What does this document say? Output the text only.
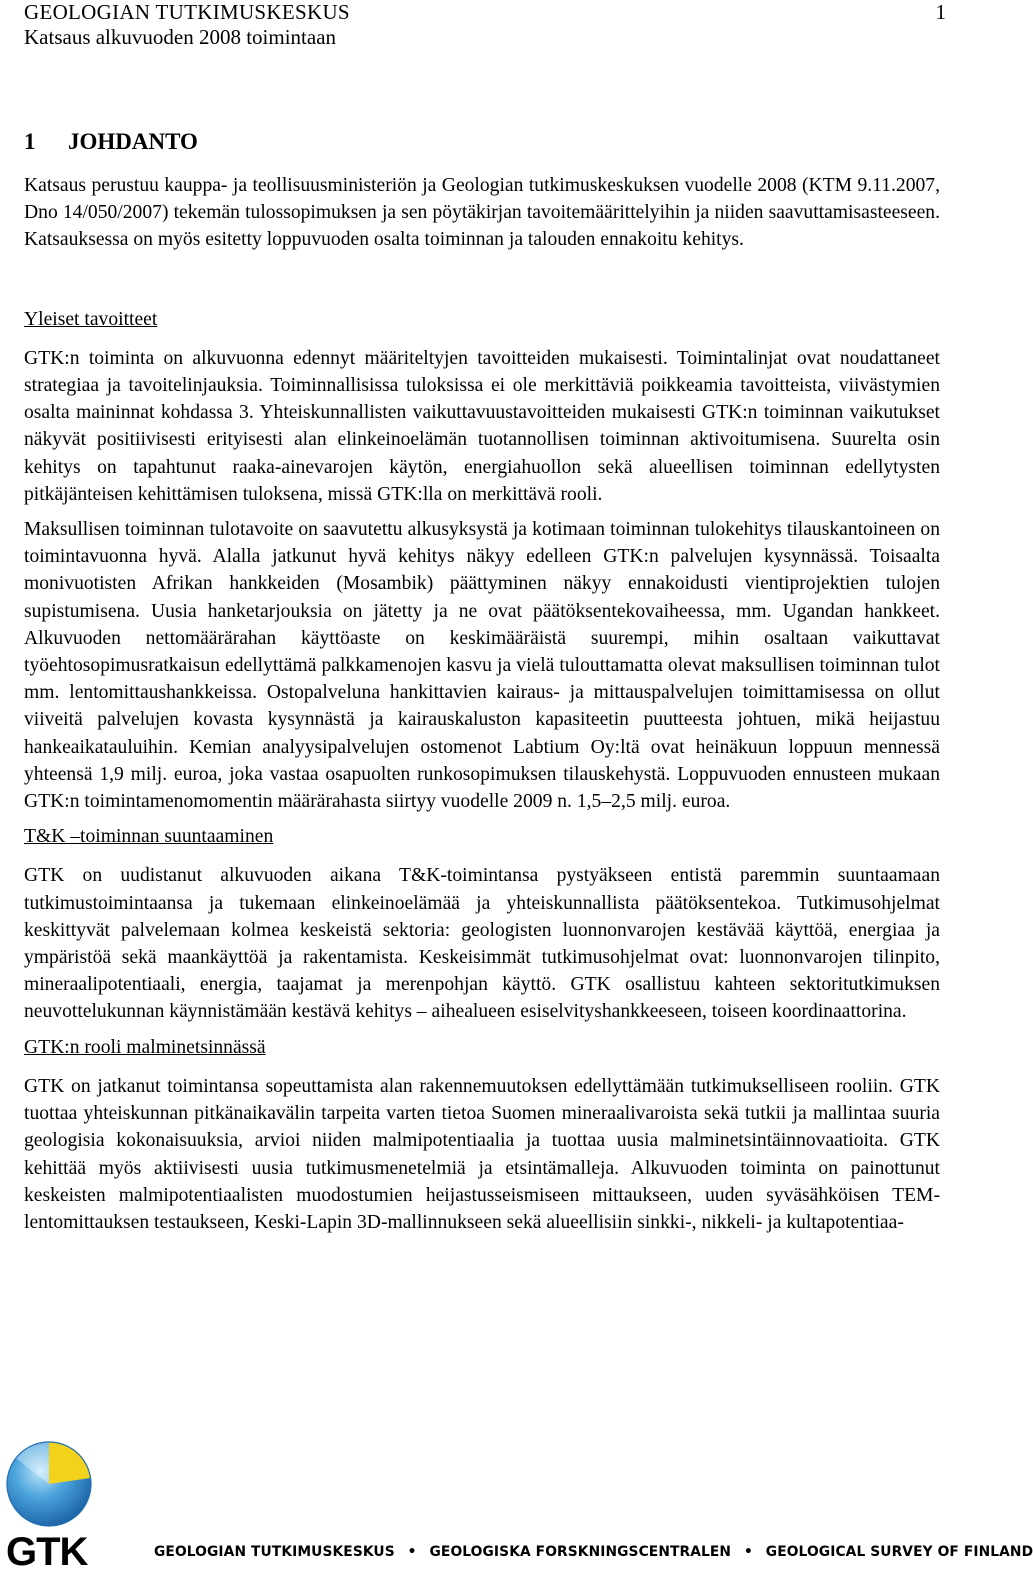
GEOLOGIAN TUTKIMUSKESKUS
Katsaus alkuvuoden 2008 toimintaan
1
1 JOHDANTO

Katsaus perustuu kauppa- ja teollisuusministeriön ja Geologian tutkimuskeskuksen vuodelle 2008 (KTM 9.11.2007, Dno 14/050/2007) tekemän tulossopimuksen ja sen pöytäkirjan tavoitemäärittelyihin ja niiden saavuttamisasteeseen. Katsauksessa on myös esitetty loppuvuoden osalta toiminnan ja talouden ennakoitu kehitys.

Yleiset tavoitteet

GTK:n toiminta on alkuvuonna edennyt määriteltyjen tavoitteiden mukaisesti. Toimintalinjat ovat noudattaneet strategiaa ja tavoitelinjauksia. Toiminnallisissa tuloksissa ei ole merkittäviä poikkeamia tavoitteista, viivästymien osalta maininnat kohdassa 3. Yhteiskunnallisten vaikuttavuustavoitteiden mukaisesti GTK:n toiminnan vaikutukset näkyvät positiivisesti erityisesti alan elinkeinoelämän tuotannollisen toiminnan aktivoitumisena. Suurelta osin kehitys on tapahtunut raaka-ainevarojen käytön, energiahuollon sekä alueellisen toiminnan edellytysten pitkäjänteisen kehittämisen tuloksena, missä GTK:lla on merkittävä rooli.

Maksullisen toiminnan tulotavoite on saavutettu alkusyksystä ja kotimaan toiminnan tulokehitys tilauskantoineen on toimintavuonna hyvä. Alalla jatkunut hyvä kehitys näkyy edelleen GTK:n palvelujen kysynnässä. Toisaalta monivuotisten Afrikan hankkeiden (Mosambik) päättyminen näkyy ennakoidusti vientiprojektien tulojen supistumisena. Uusia hanketarjouksia on jätetty ja ne ovat päätöksentekovaiheessa, mm. Ugandan hankkeet. Alkuvuoden nettomäärärahan käyttöaste on keskimääräistä suurempi, mihin osaltaan vaikuttavat työehtosopimusratkaisun edellyttämä palkkamenojen kasvu ja vielä tulouttamatta olevat maksullisen toiminnan tulot mm. lentomittaushankkeissa. Ostopalveluna hankittavien kairaus- ja mittauspalvelujen toimittamisessa on ollut viiveitä palvelujen kovasta kysynnästä ja kairauskaluston kapasiteetin puutteesta johtuen, mikä heijastuu hankeaikatauluihin. Kemian analyysipalvelujen ostomenot Labtium Oy:ltä ovat heinäkuun loppuun mennessä yhteensä 1,9 milj. euroa, joka vastaa osapuolten runkosopimuksen tilauskehystä. Loppuvuoden ennusteen mukaan GTK:n toimintamenomomentin määrärahasta siirtyy vuodelle 2009 n. 1,5–2,5 milj. euroa.

T&K –toiminnan suuntaaminen

GTK on uudistanut alkuvuoden aikana T&K-toimintansa pystyäkseen entistä paremmin suuntaamaan tutkimustoimintaansa ja tukemaan elinkeinoelämää ja yhteiskunnallista päätöksentekoa. Tutkimusohjelmat keskittyvät palvelemaan kolmea keskeistä sektoria: geologisten luonnonvarojen kestävää käyttöä, energiaa ja ympäristöä sekä maankäyttöä ja rakentamista. Keskeisimmät tutkimusohjelmat ovat: luonnonvarojen tilinpito, mineraalipotentiaali, energia, taajamat ja merenpohjan käyttö. GTK osallistuu kahteen sektoritutkimuksen neuvottelukunnan käynnistämään kestävä kehitys – aihealueen esiselvityshankkeeseen, toiseen koordinaattorina.

GTK:n rooli malminetsinnässä

GTK on jatkanut toimintansa sopeuttamista alan rakennemuutoksen edellyttämään tutkimukselliseen rooliin. GTK tuottaa yhteiskunnan pitkänaikavälin tarpeita varten tietoa Suomen mineraalivaroista sekä tutkii ja mallintaa suuria geologisia kokonaisuuksia, arvioi niiden malmipotentiaalia ja tuottaa uusia malminetsintäinnovaatioita. GTK kehittää myös aktiivisesti uusia tutkimusmenetelmiä ja etsintämalleja. Alkuvuoden toiminta on painottunut keskeisten malmipotentiaalisten muodostumien heijastusseismiseen mittaukseen, uuden syväsähköisen TEM-lentomittauksen testaukseen, Keski-Lapin 3D-mallinnukseen sekä alueellisiin sinkki-, nikkeli- ja kultapotentiaa-

GTK	GEOLOGIAN TUTKIMUSKESKUS • GEOLOGISKA FORSKNINGSCENTRALEN • GEOLOGICAL SURVEY OF FINLAND
